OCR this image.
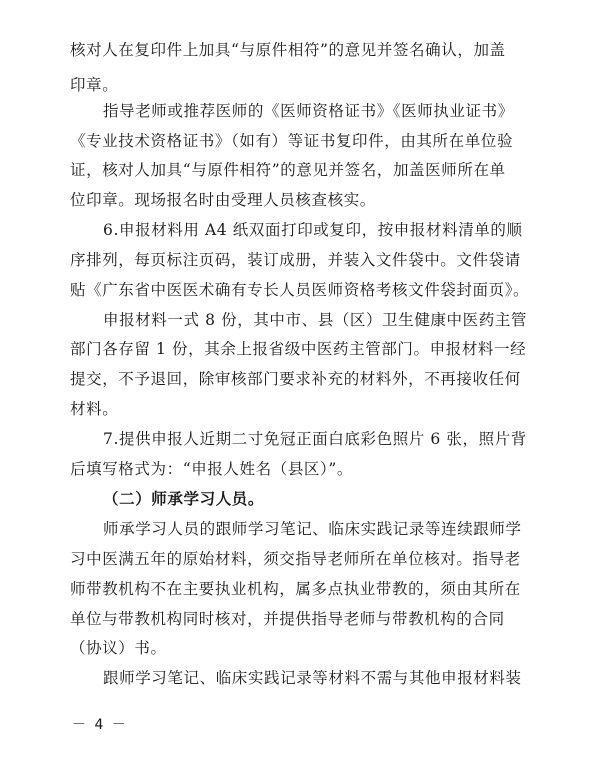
核对人在复印件上加具“与原件相符”的意见并签名确认，加盖
印章。
指导老师或推荐医师的《医师资格证书》《医师执业证书》
《专业技术资格证书》（如有）等证书复印件，由其所在单位验
证，核对人加具“与原件相符”的意见并签名，加盖医师所在单
位印章。现场报名时由受理人员核查核实。
6.申报材料用 A4 纸双面打印或复印，按申报材料清单的顺
序排列，每页标注页码，装订成册，并装入文件袋中。文件袋请
贴《广东省中医医术确有专长人员医师资格考核文件袋封面页》。
申报材料一式 8 份，其中市、县（区）卫生健康中医药主管
部门各存留 1 份，其余上报省级中医药主管部门。申报材料一经
提交，不予退回，除审核部门要求补充的材料外，不再接收任何
材料。
7.提供申报人近期二寸免冠正面白底彩色照片 6 张，照片背
后填写格式为：“申报人姓名（县区）”。
（二）师承学习人员。
师承学习人员的跟师学习笔记、临床实践记录等连续跟师学
习中医满五年的原始材料，须交指导老师所在单位核对。指导老
师带教机构不在主要执业机构，属多点执业带教的，须由其所在
单位与带教机构同时核对，并提供指导老师与带教机构的合同
（协议）书。
跟师学习笔记、临床实践记录等材料不需与其他申报材料装
－ 4 －
